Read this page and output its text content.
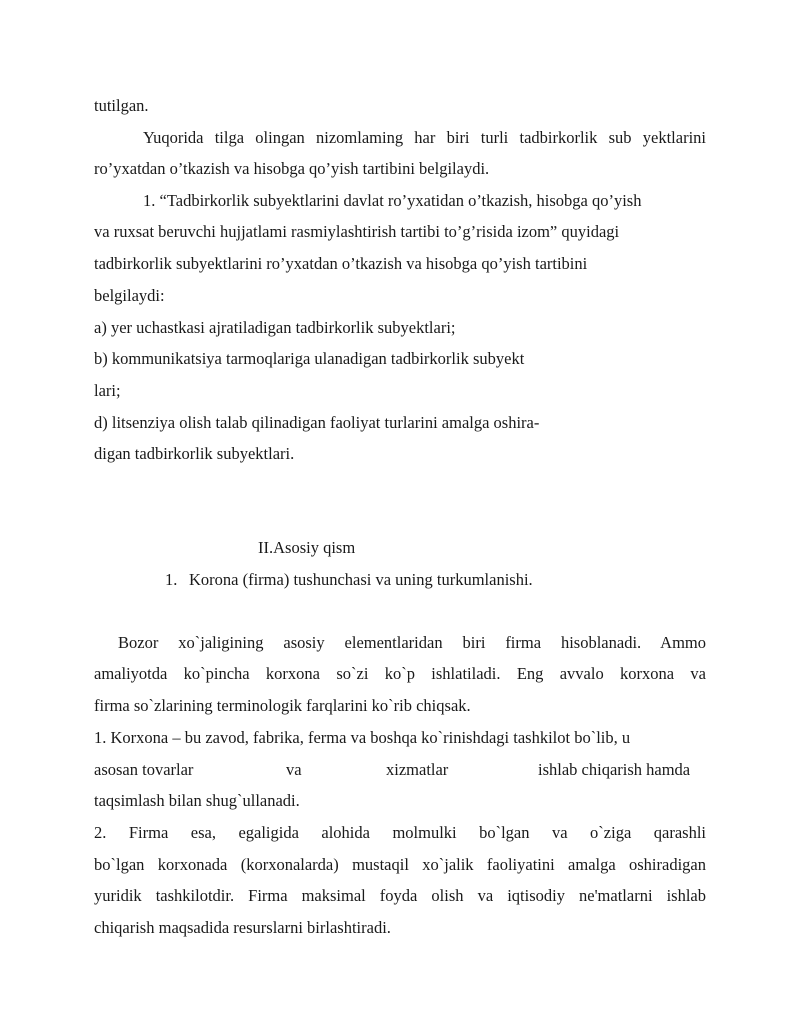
tutilgan.
Yuqorida tilga olingan nizomlaming har biri turli tadbirkorlik sub yektlarini
ro’yxatdan o’tkazish va hisobga qo’yish tartibini belgilaydi.
1. “Tadbirkorlik subyektlarini davlat ro’yxatidan o’tkazish, hisobga qo’yish
va ruxsat beruvchi hujjatlami rasmiylashtirish tartibi to’g’risida izom” quyidagi
tadbirkorlik subyektlarini ro’yxatdan o’tkazish va hisobga qo’yish tartibini
belgilaydi:
a) yer uchastkasi ajratiladigan tadbirkorlik subyektlari;
b) kommunikatsiya tarmoqlariga ulanadigan tadbirkorlik subyekt
lari;
d) litsenziya olish talab qilinadigan faoliyat turlarini amalga oshira-
digan tadbirkorlik subyektlari.
II.Asosiy qism
1. Korona (firma) tushunchasi va uning turkumlanishi.
Bozor xo`jaligining asosiy elementlaridan biri firma hisoblanadi. Ammo
amaliyotda ko`pincha korxona so`zi ko`p ishlatiladi. Eng avvalo korxona va
firma so`zlarining terminologik farqlarini ko`rib chiqsak.
1. Korxona – bu zavod, fabrika, ferma va boshqa ko`rinishdagi tashkilot bo`lib, u
asosan tovarlar	va	xizmatlar	ishlab chiqarish hamda
taqsimlash bilan shug`ullanadi.
2. Firma esa, egaligida alohida molmulki bo`lgan va o`ziga qarashli
bo`lgan korxonada (korxonalarda) mustaqil xo`jalik faoliyatini amalga oshiradigan
yuridik tashkilotdir. Firma maksimal foyda olish va iqtisodiy ne'matlarni ishlab
chiqarish maqsadida resurslarni birlashtiradi.
